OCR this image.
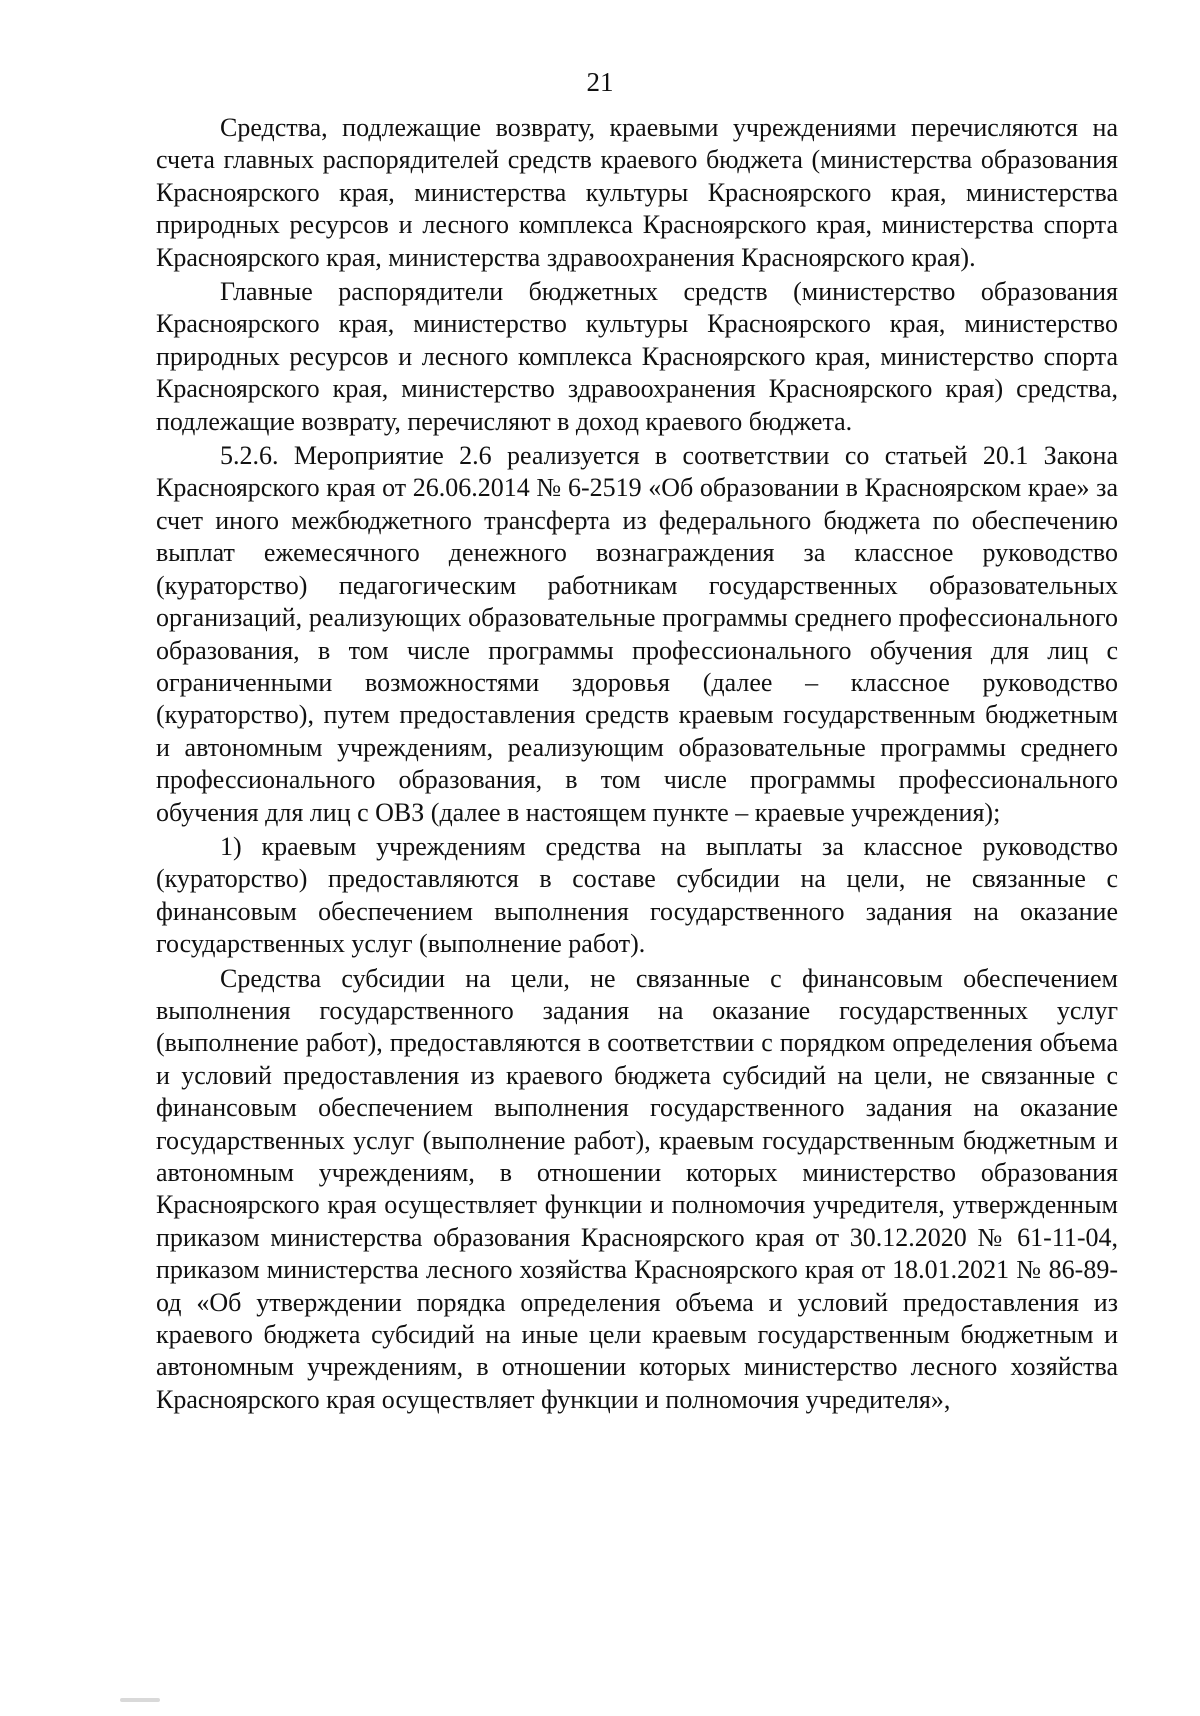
21

Средства, подлежащие возврату, краевыми учреждениями перечисляются на счета главных распорядителей средств краевого бюджета (министерства образования Красноярского края, министерства культуры Красноярского края, министерства природных ресурсов и лесного комплекса Красноярского края, министерства спорта Красноярского края, министерства здравоохранения Красноярского края).

Главные распорядители бюджетных средств (министерство образования Красноярского края, министерство культуры Красноярского края, министерство природных ресурсов и лесного комплекса Красноярского края, министерство спорта Красноярского края, министерство здравоохранения Красноярского края) средства, подлежащие возврату, перечисляют в доход краевого бюджета.

5.2.6. Мероприятие 2.6 реализуется в соответствии со статьей 20.1 Закона Красноярского края от 26.06.2014 № 6-2519 «Об образовании в Красноярском крае» за счет иного межбюджетного трансферта из федерального бюджета по обеспечению выплат ежемесячного денежного вознаграждения за классное руководство (кураторство) педагогическим работникам государственных образовательных организаций, реализующих образовательные программы среднего профессионального образования, в том числе программы профессионального обучения для лиц с ограниченными возможностями здоровья (далее – классное руководство (кураторство), путем предоставления средств краевым государственным бюджетным и автономным учреждениям, реализующим образовательные программы среднего профессионального образования, в том числе программы профессионального обучения для лиц с ОВЗ (далее в настоящем пункте – краевые учреждения);

1) краевым учреждениям средства на выплаты за классное руководство (кураторство) предоставляются в составе субсидии на цели, не связанные с финансовым обеспечением выполнения государственного задания на оказание государственных услуг (выполнение работ).

Средства субсидии на цели, не связанные с финансовым обеспечением выполнения государственного задания на оказание государственных услуг (выполнение работ), предоставляются в соответствии с порядком определения объема и условий предоставления из краевого бюджета субсидий на цели, не связанные с финансовым обеспечением выполнения государственного задания на оказание государственных услуг (выполнение работ), краевым государственным бюджетным и автономным учреждениям, в отношении которых министерство образования Красноярского края осуществляет функции и полномочия учредителя, утвержденным приказом министерства образования Красноярского края от 30.12.2020 № 61-11-04, приказом министерства лесного хозяйства Красноярского края от 18.01.2021 № 86-89-од «Об утверждении порядка определения объема и условий предоставления из краевого бюджета субсидий на иные цели краевым государственным бюджетным и автономным учреждениям, в отношении которых министерство лесного хозяйства Красноярского края осуществляет функции и полномочия учредителя»,
